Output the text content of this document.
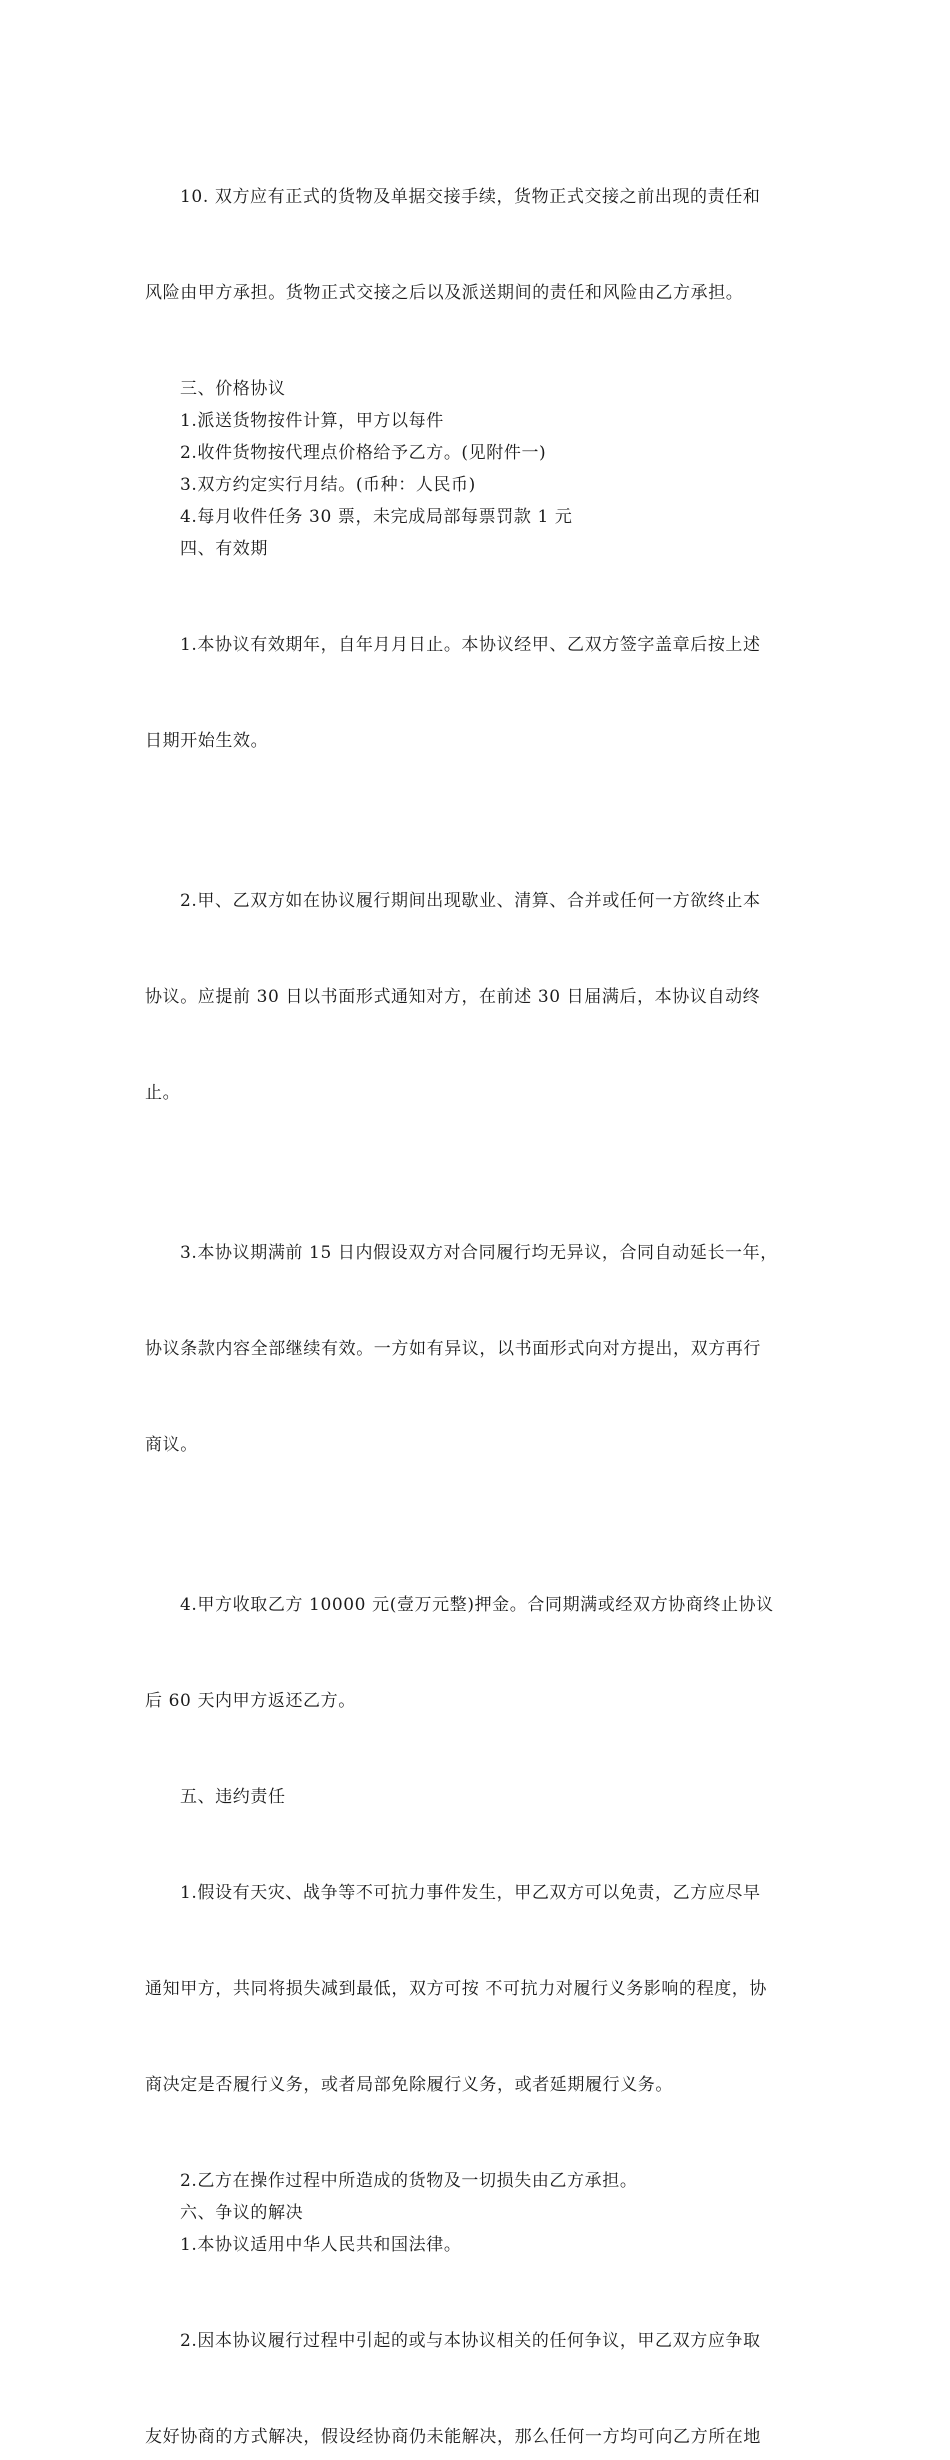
10. 双方应有正式的货物及单据交接手续，货物正式交接之前出现的责任和

风险由甲方承担。货物正式交接之后以及派送期间的责任和风险由乙方承担。

三、价格协议

1.派送货物按件计算，甲方以每件

2.收件货物按代理点价格给予乙方。(见附件一)

3.双方约定实行月结。(币种：人民币)

4.每月收件任务 30 票，未完成局部每票罚款 1 元

四、有效期

1.本协议有效期年，自年月月日止。本协议经甲、乙双方签字盖章后按上述

日期开始生效。

2.甲、乙双方如在协议履行期间出现歇业、清算、合并或任何一方欲终止本

协议。应提前 30 日以书面形式通知对方，在前述 30 日届满后，本协议自动终

止。

3.本协议期满前 15 日内假设双方对合同履行均无异议，合同自动延长一年，

协议条款内容全部继续有效。一方如有异议，以书面形式向对方提出，双方再行

商议。

4.甲方收取乙方 10000 元(壹万元整)押金。合同期满或经双方协商终止协议

后 60 天内甲方返还乙方。

五、违约责任

1.假设有天灾、战争等不可抗力事件发生，甲乙双方可以免责，乙方应尽早

通知甲方，共同将损失减到最低，双方可按 不可抗力对履行义务影响的程度，协

商决定是否履行义务，或者局部免除履行义务，或者延期履行义务。

2.乙方在操作过程中所造成的货物及一切损失由乙方承担。

六、争议的解决

1.本协议适用中华人民共和国法律。

2.因本协议履行过程中引起的或与本协议相关的任何争议，甲乙双方应争取

友好协商的方式解决，假设经协商仍未能解决，那么任何一方均可向乙方所在地
